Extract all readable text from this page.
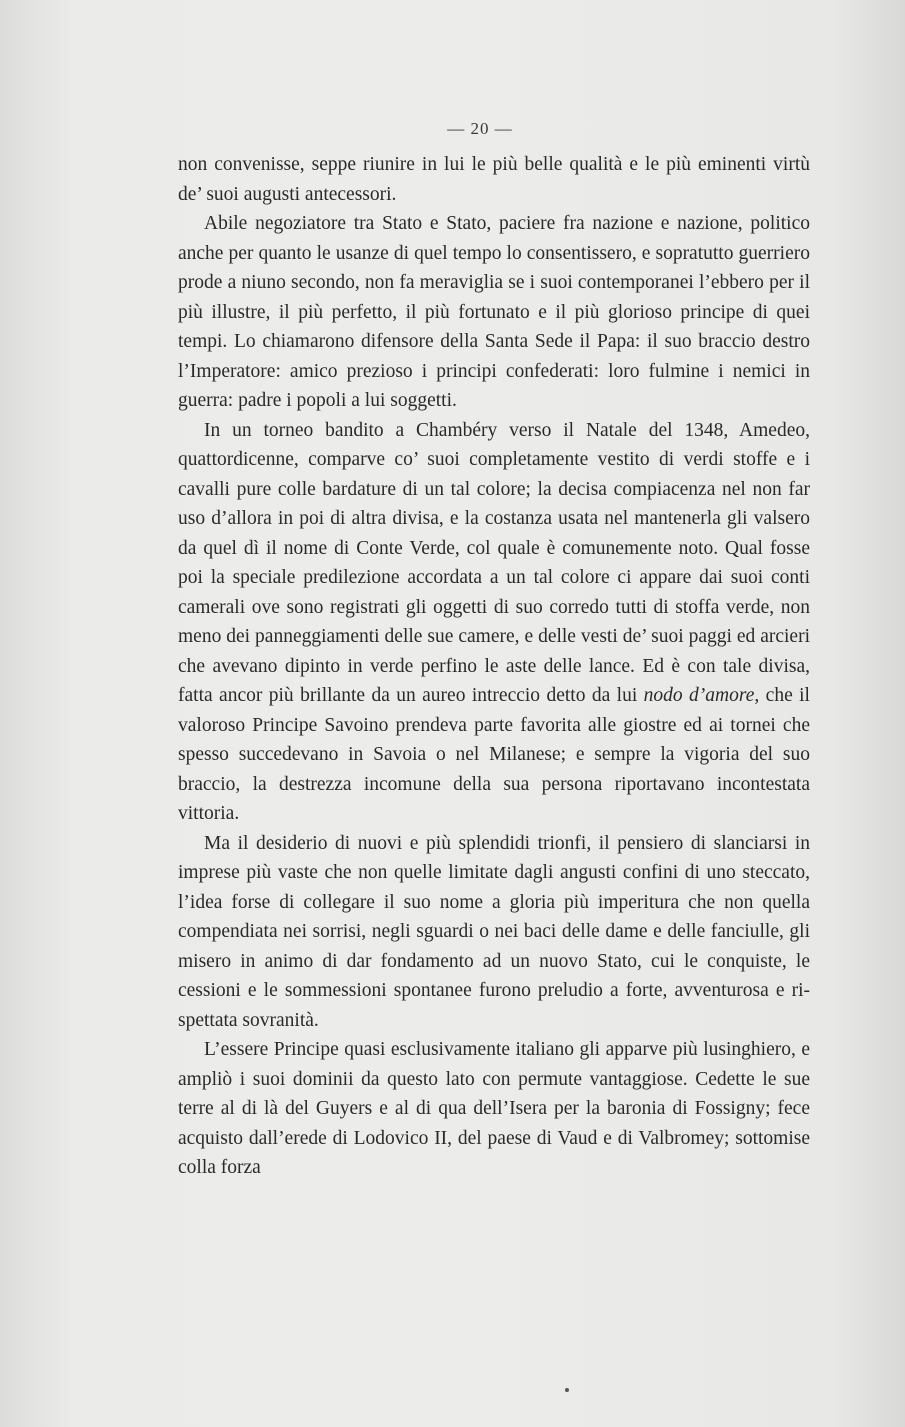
— 20 —

non convenisse, seppe riunire in lui le più belle qualità e le più eminenti virtù de’ suoi augusti antecessori.

Abile negoziatore tra Stato e Stato, paciere fra nazione e nazione, politico anche per quanto le usanze di quel tempo lo consentissero, e sopratutto guerriero prode a niuno secondo, non fa meraviglia se i suoi contemporanei l’ebbero per il più illustre, il più perfetto, il più fortunato e il più glorioso principe di quei tempi. Lo chiamarono difensore della Santa Sede il Papa: il suo braccio destro l’Imperatore: amico prezioso i principi confederati: loro fulmine i nemici in guerra: padre i popoli a lui soggetti.

In un torneo bandito a Chambéry verso il Natale del 1348, Amedeo, quattordicenne, comparve co’ suoi completamente vestito di verdi stoffe e i cavalli pure colle bardature di un tal colore; la decisa compiacenza nel non far uso d’allora in poi di altra divisa, e la costanza usata nel mantenerla gli valsero da quel dì il nome di Conte Verde, col quale è comunemente noto. Qual fosse poi la speciale predilezione accordata a un tal colore ci appare dai suoi conti camerali ove sono registrati gli oggetti di suo corredo tutti di stoffa verde, non meno dei panneggiamenti delle sue camere, e delle vesti de’ suoi paggi ed arcieri che avevano dipinto in verde perfino le aste delle lance. Ed è con tale divisa, fatta ancor più brillante da un aureo intreccio detto da lui nodo d’amore, che il valoroso Principe Savoino prendeva parte favorita alle giostre ed ai tornei che spesso succedevano in Savoia o nel Milanese; e sempre la vigoria del suo braccio, la destrezza incomune della sua persona riportavano incontestata vittoria.

Ma il desiderio di nuovi e più splendidi trionfi, il pensiero di slanciarsi in imprese più vaste che non quelle limitate dagli angusti confini di uno steccato, l’idea forse di collegare il suo nome a gloria più imperitura che non quella compendiata nei sorrisi, negli sguardi o nei baci delle dame e delle fanciulle, gli misero in animo di dar fondamento ad un nuovo Stato, cui le conquiste, le cessioni e le sommessioni spontanee furono preludio a forte, avventurosa e rispettata sovranità.

L’essere Principe quasi esclusivamente italiano gli apparve più lusinghiero, e ampliò i suoi dominii da questo lato con permute vantaggiose. Cedette le sue terre al di là del Guyers e al di qua dell’Isera per la baronia di Fossigny; fece acquisto dall’erede di Lodovico II, del paese di Vaud e di Valbromey; sottomise colla forza
